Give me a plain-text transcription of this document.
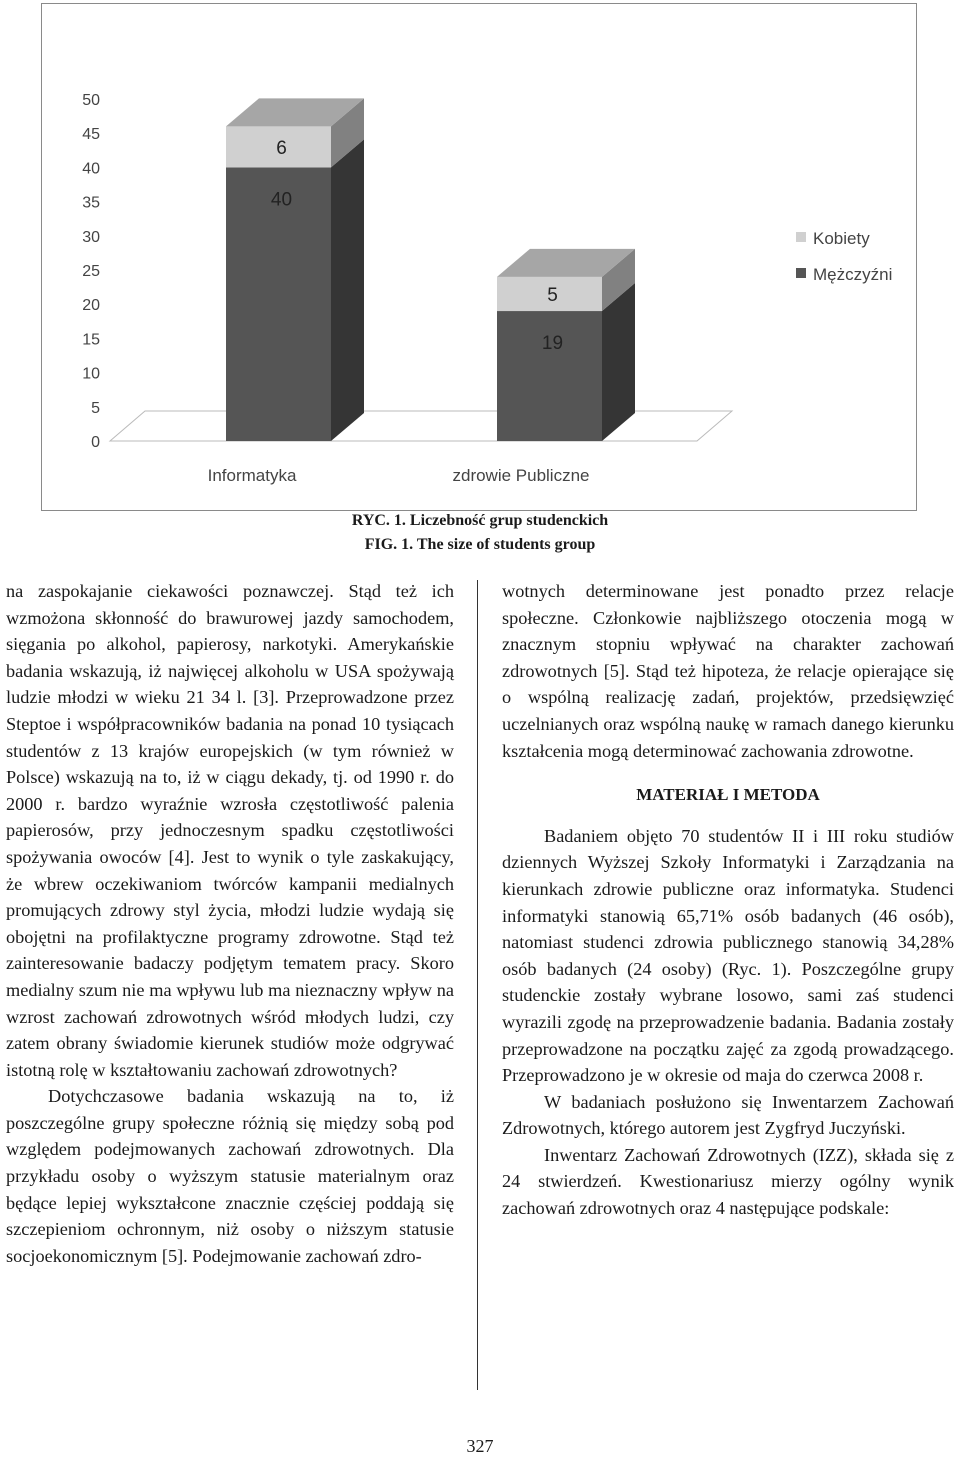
0
5
10
15
20
25
30
35
40
45
50
40
6
19
5
Informatyka	zdrowie Publiczne
Kobiety
Mężczyźni
RYC. 1. Liczebność grup studenckich
FIG. 1. The size of students group

na zaspokajanie ciekawości poznawczej. Stąd też ich wzmożona skłonność do brawurowej jazdy samochodem, sięgania po alkohol, papierosy, narkotyki. Amerykańskie badania wskazują, iż najwięcej alkoholu w USA spożywają ludzie młodzi w wieku 21 34 l. [3]. Przeprowadzone przez Steptoe i współpracowników badania na ponad 10 tysiącach studentów z 13 krajów europejskich (w tym również w Polsce) wskazują na to, iż w ciągu dekady, tj. od 1990 r. do 2000 r. bardzo wyraźnie wzrosła częstotliwość palenia papierosów, przy jednoczesnym spadku częstotliwości spożywania owoców [4]. Jest to wynik o tyle zaskakujący, że wbrew oczekiwaniom twórców kampanii medialnych promujących zdrowy styl życia, młodzi ludzie wydają się obojętni na profilaktyczne programy zdrowotne. Stąd też zainteresowanie badaczy podjętym tematem pracy. Skoro medialny szum nie ma wpływu lub ma nieznaczny wpływ na wzrost zachowań zdrowotnych wśród młodych ludzi, czy zatem obrany świadomie kierunek studiów może odgrywać istotną rolę w kształtowaniu zachowań zdrowotnych?

Dotychczasowe badania wskazują na to, iż poszczególne grupy społeczne różnią się między sobą pod względem podejmowanych zachowań zdrowotnych. Dla przykładu osoby o wyższym statusie materialnym oraz będące lepiej wykształcone znacznie częściej poddają się szczepieniom ochronnym, niż osoby o niższym statusie socjoekonomicznym [5]. Podejmowanie zachowań zdro-

wotnych determinowane jest ponadto przez relacje społeczne. Członkowie najbliższego otoczenia mogą w znacznym stopniu wpływać na charakter zachowań zdrowotnych [5]. Stąd też hipoteza, że relacje opierające się o wspólną realizację zadań, projektów, przedsięwzięć uczelnianych oraz wspólną naukę w ramach danego kierunku kształcenia mogą determinować zachowania zdrowotne.

MATERIAŁ I METODA

Badaniem objęto 70 studentów II i III roku studiów dziennych Wyższej Szkoły Informatyki i Zarządzania na kierunkach zdrowie publiczne oraz informatyka. Studenci informatyki stanowią 65,71% osób badanych (46 osób), natomiast studenci zdrowia publicznego stanowią 34,28% osób badanych (24 osoby) (Ryc. 1). Poszczególne grupy studenckie zostały wybrane losowo, sami zaś studenci wyrazili zgodę na przeprowadzenie badania. Badania zostały przeprowadzone na początku zajęć za zgodą prowadzącego. Przeprowadzono je w okresie od maja do czerwca 2008 r.

W badaniach posłużono się Inwentarzem Zachowań Zdrowotnych, którego autorem jest Zygfryd Juczyński.

Inwentarz Zachowań Zdrowotnych (IZZ), składa się z 24 stwierdzeń. Kwestionariusz mierzy ogólny wynik zachowań zdrowotnych oraz 4 następujące podskale:

327
